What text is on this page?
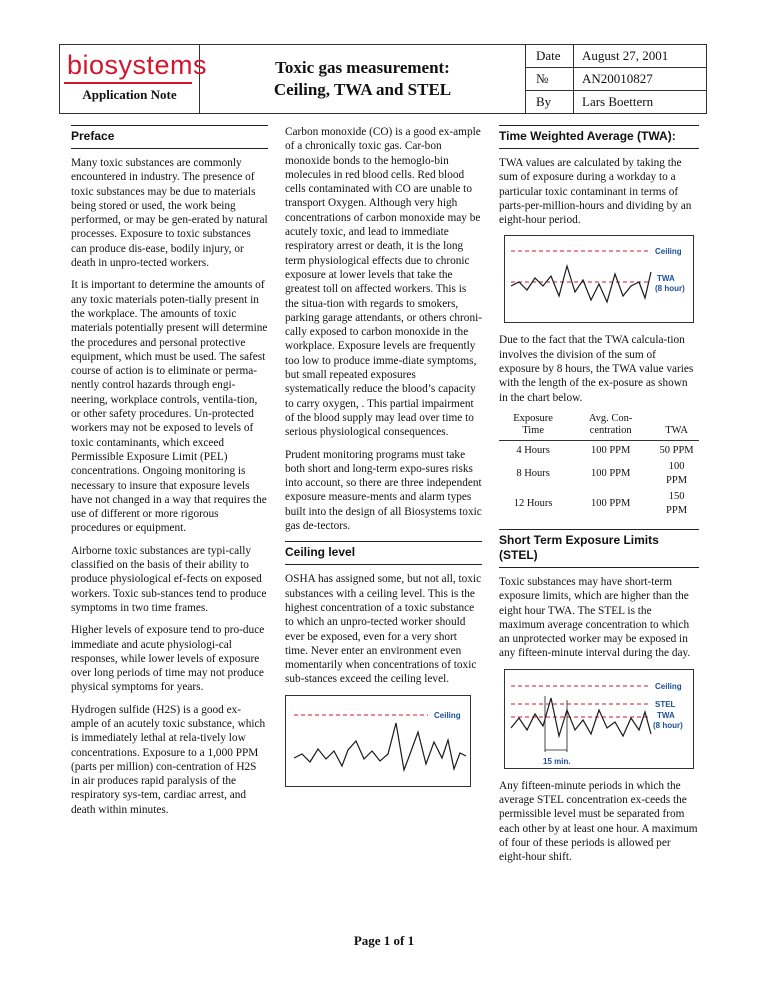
biosystems
Application Note
Toxic gas measurement:
Ceiling, TWA and STEL
Date August 27, 2001
№	AN20010827
By Lars Boettern
Preface

Many toxic substances are commonly encountered in industry. The presence of toxic substances may be due to materials being stored or used, the work being performed, or may be gen-erated by natural processes. Exposure to toxic substances can produce dis-ease, bodily injury, or death in unpro-tected workers.

It is important to determine the amounts of any toxic materials poten-tially present in the workplace. The amounts of toxic materials potentially present will determine the procedures and personal protective equipment, which must be used. The safest course of action is to eliminate or perma-nently control hazards through engi-neering, workplace controls, ventila-tion, or other safety procedures. Un-protected workers may not be exposed to levels of toxic contaminants, which exceed Permissible Exposure Limit (PEL) concentrations. Ongoing monitoring is necessary to insure that exposure levels have not changed in a way that requires the use of different or more rigorous procedures or equipment.

Airborne toxic substances are typi-cally classified on the basis of their ability to produce physiological ef-fects on exposed workers. Toxic sub-stances tend to produce symptoms in two time frames.

Higher levels of exposure tend to pro-duce immediate and acute physiologi-cal responses, while lower levels of exposure over long periods of time may not produce physical symptoms for years.

Hydrogen sulfide (H2S) is a good ex-ample of an acutely toxic substance, which is immediately lethal at rela-tively low concentrations. Exposure to a 1,000 PPM (parts per million) con-centration of H2S in air produces rapid paralysis of the respiratory sys-tem, cardiac arrest, and death within minutes.

Carbon monoxide (CO) is a good ex-ample of a chronically toxic gas. Car-bon monoxide bonds to the hemoglo-bin molecules in red blood cells. Red blood cells contaminated with CO are unable to transport Oxygen. Although very high concentrations of carbon monoxide may be acutely toxic, and lead to immediate respiratory arrest or death, it is the long term physiological effects due to chronic exposure at lower levels that take the greatest toll on affected workers. This is the situa-tion with regards to smokers, parking garage attendants, or others chroni-cally exposed to carbon monoxide in the workplace. Exposure levels are frequently too low to produce imme-diate symptoms, but small repeated exposures systematically reduce the blood’s capacity to carry oxygen, . This partial impairment of the blood supply may lead over time to serious physiological consequences.

Prudent monitoring programs must take both short and long-term expo-sures risks into account, so there are three independent exposure measure-ments and alarm types built into the design of all Biosystems toxic gas de-tectors.

Ceiling level

OSHA has assigned some, but not all, toxic substances with a ceiling level. This is the highest concentration of a toxic substance to which an unpro-tected worker should ever be exposed, even for a very short time. Never enter an environment even momentarily when concentrations of toxic sub-stances exceed the ceiling level.

Ceiling
Time Weighted Average (TWA):

TWA values are calculated by taking the sum of exposure during a workday to a particular toxic contaminant in terms of parts-per-million-hours and dividing by an eight-hour period.

Ceiling
TWA
(8 hour)

Due to the fact that the TWA calcula-tion involves the division of the sum of exposure by 8 hours, the TWA value varies with the length of the ex-posure as shown in the chart below.

Exposure Time	Avg. Con-centration	TWA
4 Hours	100 PPM	50 PPM
8 Hours	100 PPM	100 PPM
12 Hours	100 PPM	150 PPM
Short Term Exposure Limits (STEL)

Toxic substances may have short-term exposure limits, which are higher than the eight hour TWA. The STEL is the maximum average concentration to which an unprotected worker may be exposed in any fifteen-minute interval during the day.

Ceiling
STEL
TWA
(8 hour)
15 min.

Any fifteen-minute periods in which the average STEL concentration ex-ceeds the permissible level must be separated from each other by at least one hour. A maximum of four of these periods is allowed per eight-hour shift.

Page 1 of 1
